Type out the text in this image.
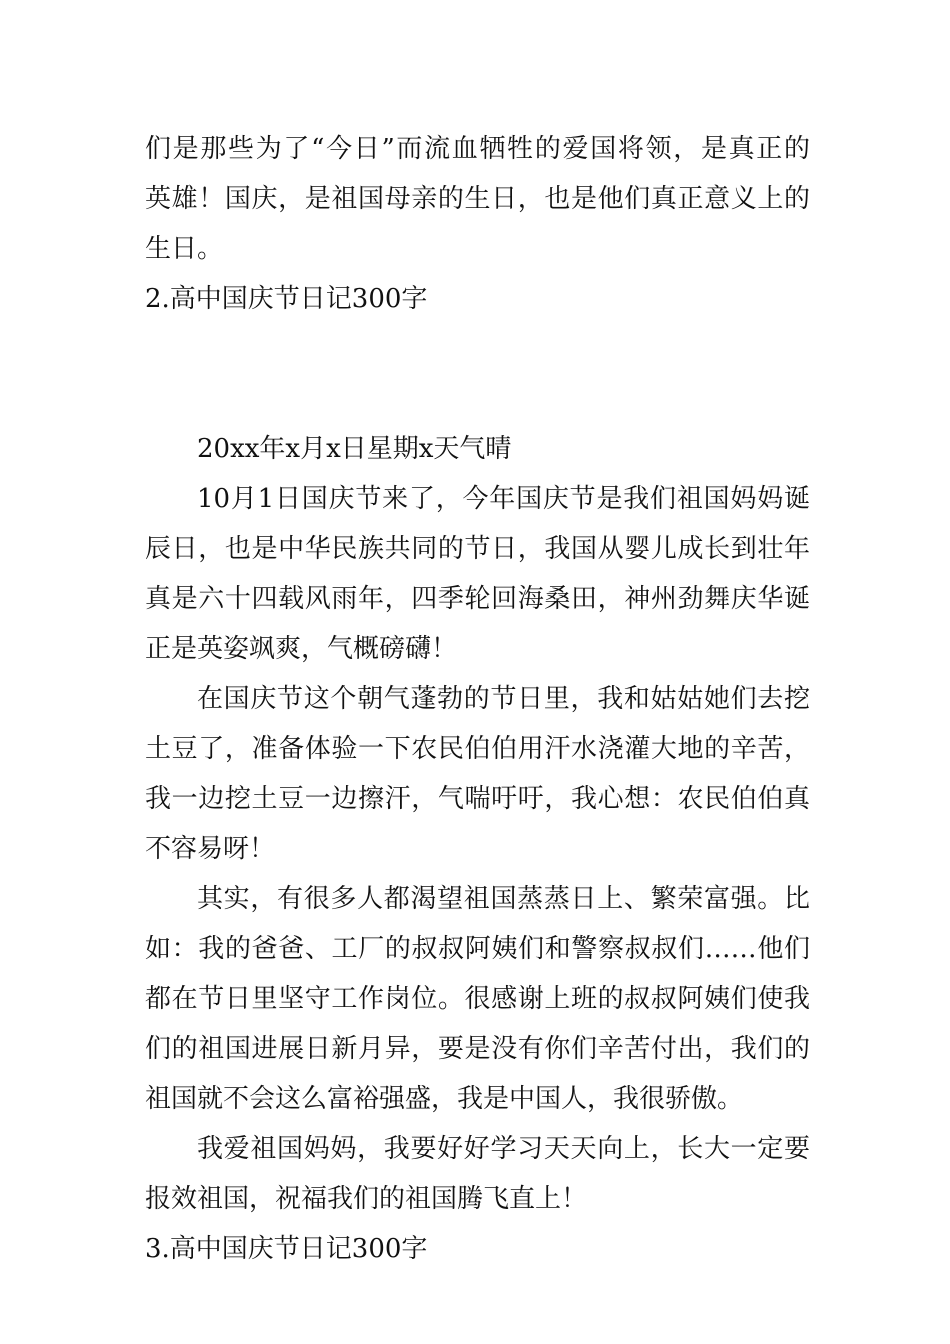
们是那些为了“今日”而流血牺牲的爱国将领，是真正的
英雄！国庆，是祖国母亲的生日，也是他们真正意义上的
生日。
2.高中国庆节日记300字
20xx年x月x日星期x天气晴
10月1日国庆节来了，今年国庆节是我们祖国妈妈诞
辰日，也是中华民族共同的节日，我国从婴儿成长到壮年
真是六十四载风雨年，四季轮回海桑田，神州劲舞庆华诞
正是英姿飒爽，气概磅礴！
在国庆节这个朝气蓬勃的节日里，我和姑姑她们去挖
土豆了，准备体验一下农民伯伯用汗水浇灌大地的辛苦，
我一边挖土豆一边擦汗，气喘吁吁，我心想：农民伯伯真
不容易呀！
其实，有很多人都渴望祖国蒸蒸日上、繁荣富强。比
如：我的爸爸、工厂的叔叔阿姨们和警察叔叔们……他们
都在节日里坚守工作岗位。很感谢上班的叔叔阿姨们使我
们的祖国进展日新月异，要是没有你们辛苦付出，我们的
祖国就不会这么富裕强盛，我是中国人，我很骄傲。
我爱祖国妈妈，我要好好学习天天向上，长大一定要
报效祖国，祝福我们的祖国腾飞直上！
3.高中国庆节日记300字
